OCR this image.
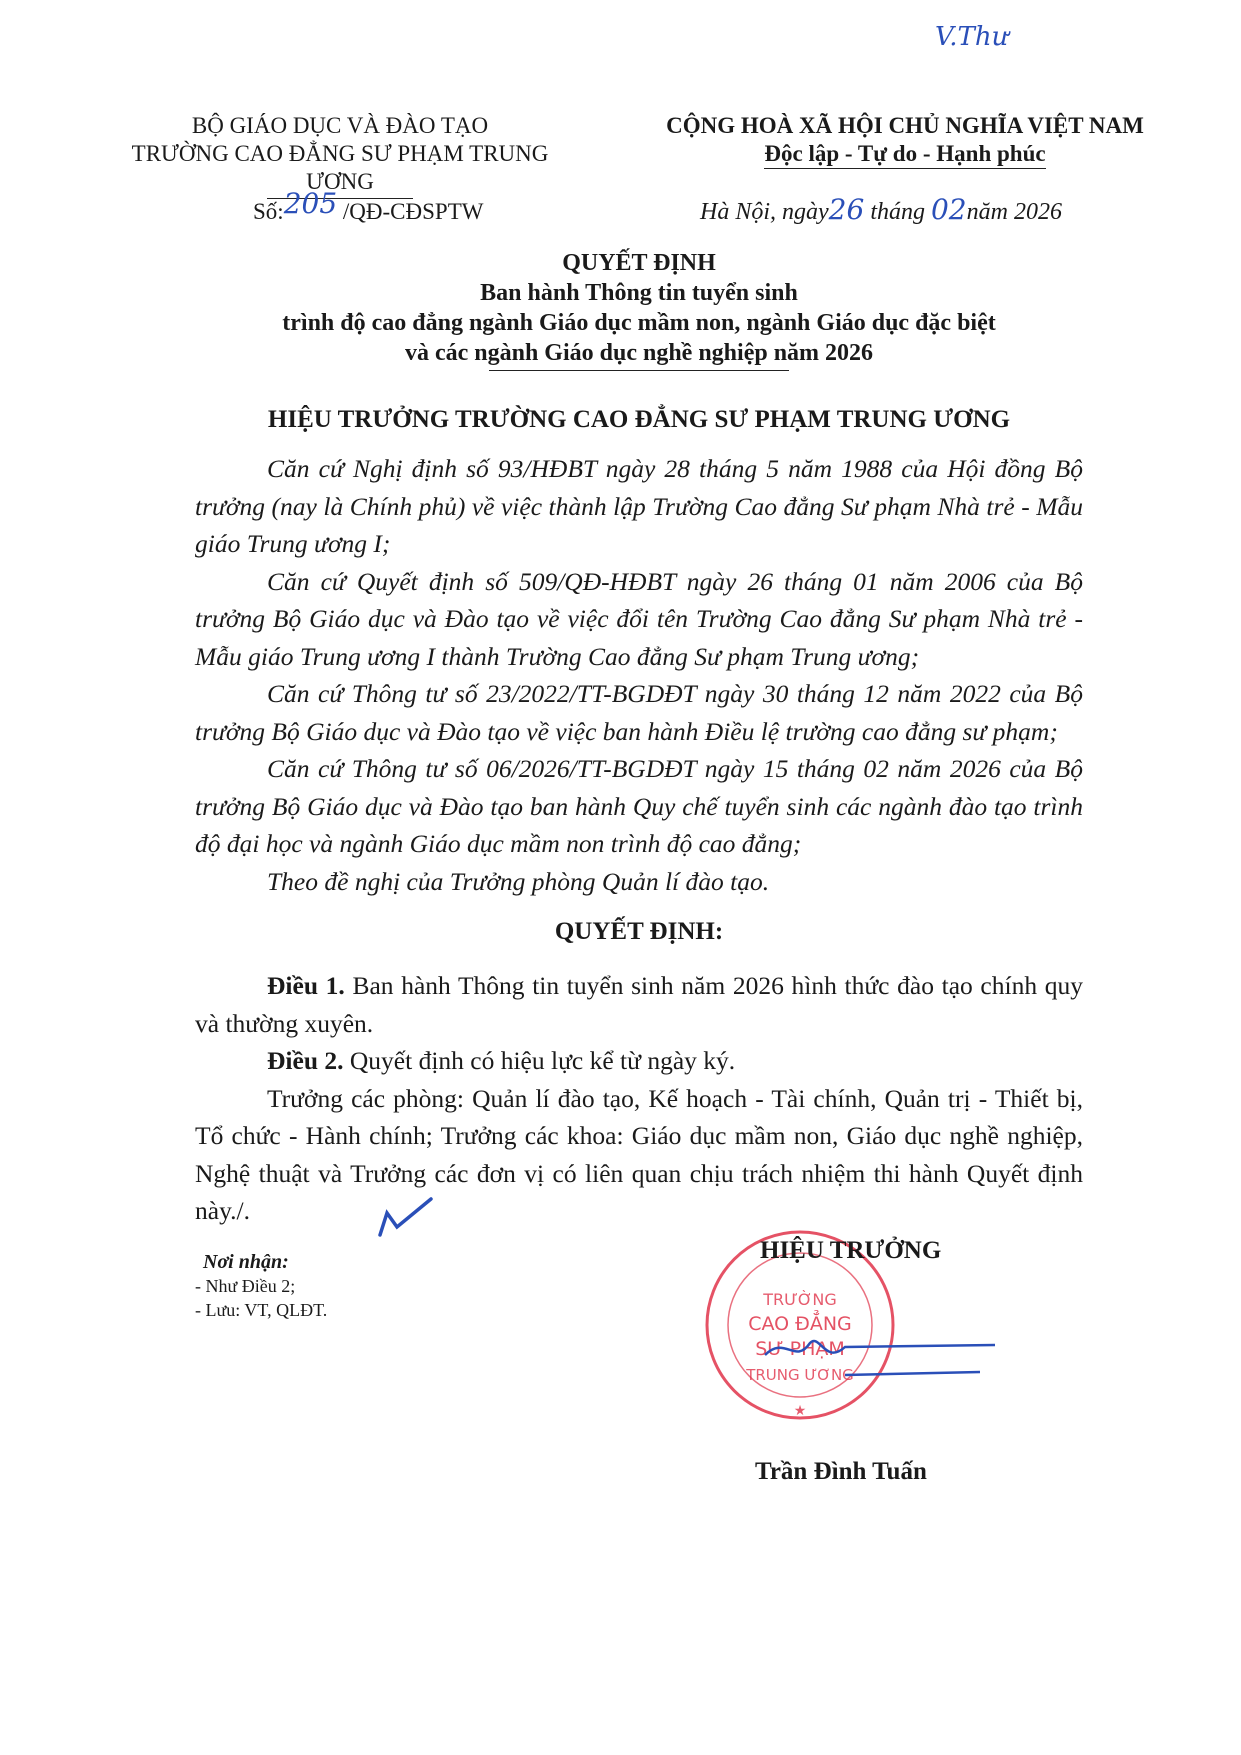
V.Thư
BỘ GIÁO DỤC VÀ ĐÀO TẠO
TRƯỜNG CAO ĐẲNG SƯ PHẠM TRUNG ƯƠNG
CỘNG HOÀ XÃ HỘI CHỦ NGHĨA VIỆT NAM
Độc lập - Tự do - Hạnh phúc
Số:205 /QĐ-CĐSPTW	Hà Nội, ngày26 tháng 02năm 2026
QUYẾT ĐỊNH
Ban hành Thông tin tuyển sinh
trình độ cao đẳng ngành Giáo dục mầm non, ngành Giáo dục đặc biệt
và các ngành Giáo dục nghề nghiệp năm 2026
HIỆU TRƯỞNG TRƯỜNG CAO ĐẲNG SƯ PHẠM TRUNG ƯƠNG

Căn cứ Nghị định số 93/HĐBT ngày 28 tháng 5 năm 1988 của Hội đồng Bộ trưởng (nay là Chính phủ) về việc thành lập Trường Cao đẳng Sư phạm Nhà trẻ - Mẫu giáo Trung ương I;

Căn cứ Quyết định số 509/QĐ-HĐBT ngày 26 tháng 01 năm 2006 của Bộ trưởng Bộ Giáo dục và Đào tạo về việc đổi tên Trường Cao đẳng Sư phạm Nhà trẻ - Mẫu giáo Trung ương I thành Trường Cao đẳng Sư phạm Trung ương;

Căn cứ Thông tư số 23/2022/TT-BGDĐT ngày 30 tháng 12 năm 2022 của Bộ trưởng Bộ Giáo dục và Đào tạo về việc ban hành Điều lệ trường cao đẳng sư phạm;

Căn cứ Thông tư số 06/2026/TT-BGDĐT ngày 15 tháng 02 năm 2026 của Bộ trưởng Bộ Giáo dục và Đào tạo ban hành Quy chế tuyển sinh các ngành đào tạo trình độ đại học và ngành Giáo dục mầm non trình độ cao đẳng;

Theo đề nghị của Trưởng phòng Quản lí đào tạo.

QUYẾT ĐỊNH:

Điều 1. Ban hành Thông tin tuyển sinh năm 2026 hình thức đào tạo chính quy và thường xuyên.

Điều 2. Quyết định có hiệu lực kể từ ngày ký.

Trưởng các phòng: Quản lí đào tạo, Kế hoạch - Tài chính, Quản trị - Thiết bị, Tổ chức - Hành chính; Trưởng các khoa: Giáo dục mầm non, Giáo dục nghề nghiệp, Nghệ thuật và Trưởng các đơn vị có liên quan chịu trách nhiệm thi hành Quyết định này./.

Nơi nhận:
- Như Điều 2;
- Lưu: VT, QLĐT.
TRƯỜNG
CAO ĐẲNG
SƯ PHẠM
TRUNG ƯƠNG
★
HIỆU TRƯỞNG
Trần Đình Tuấn
